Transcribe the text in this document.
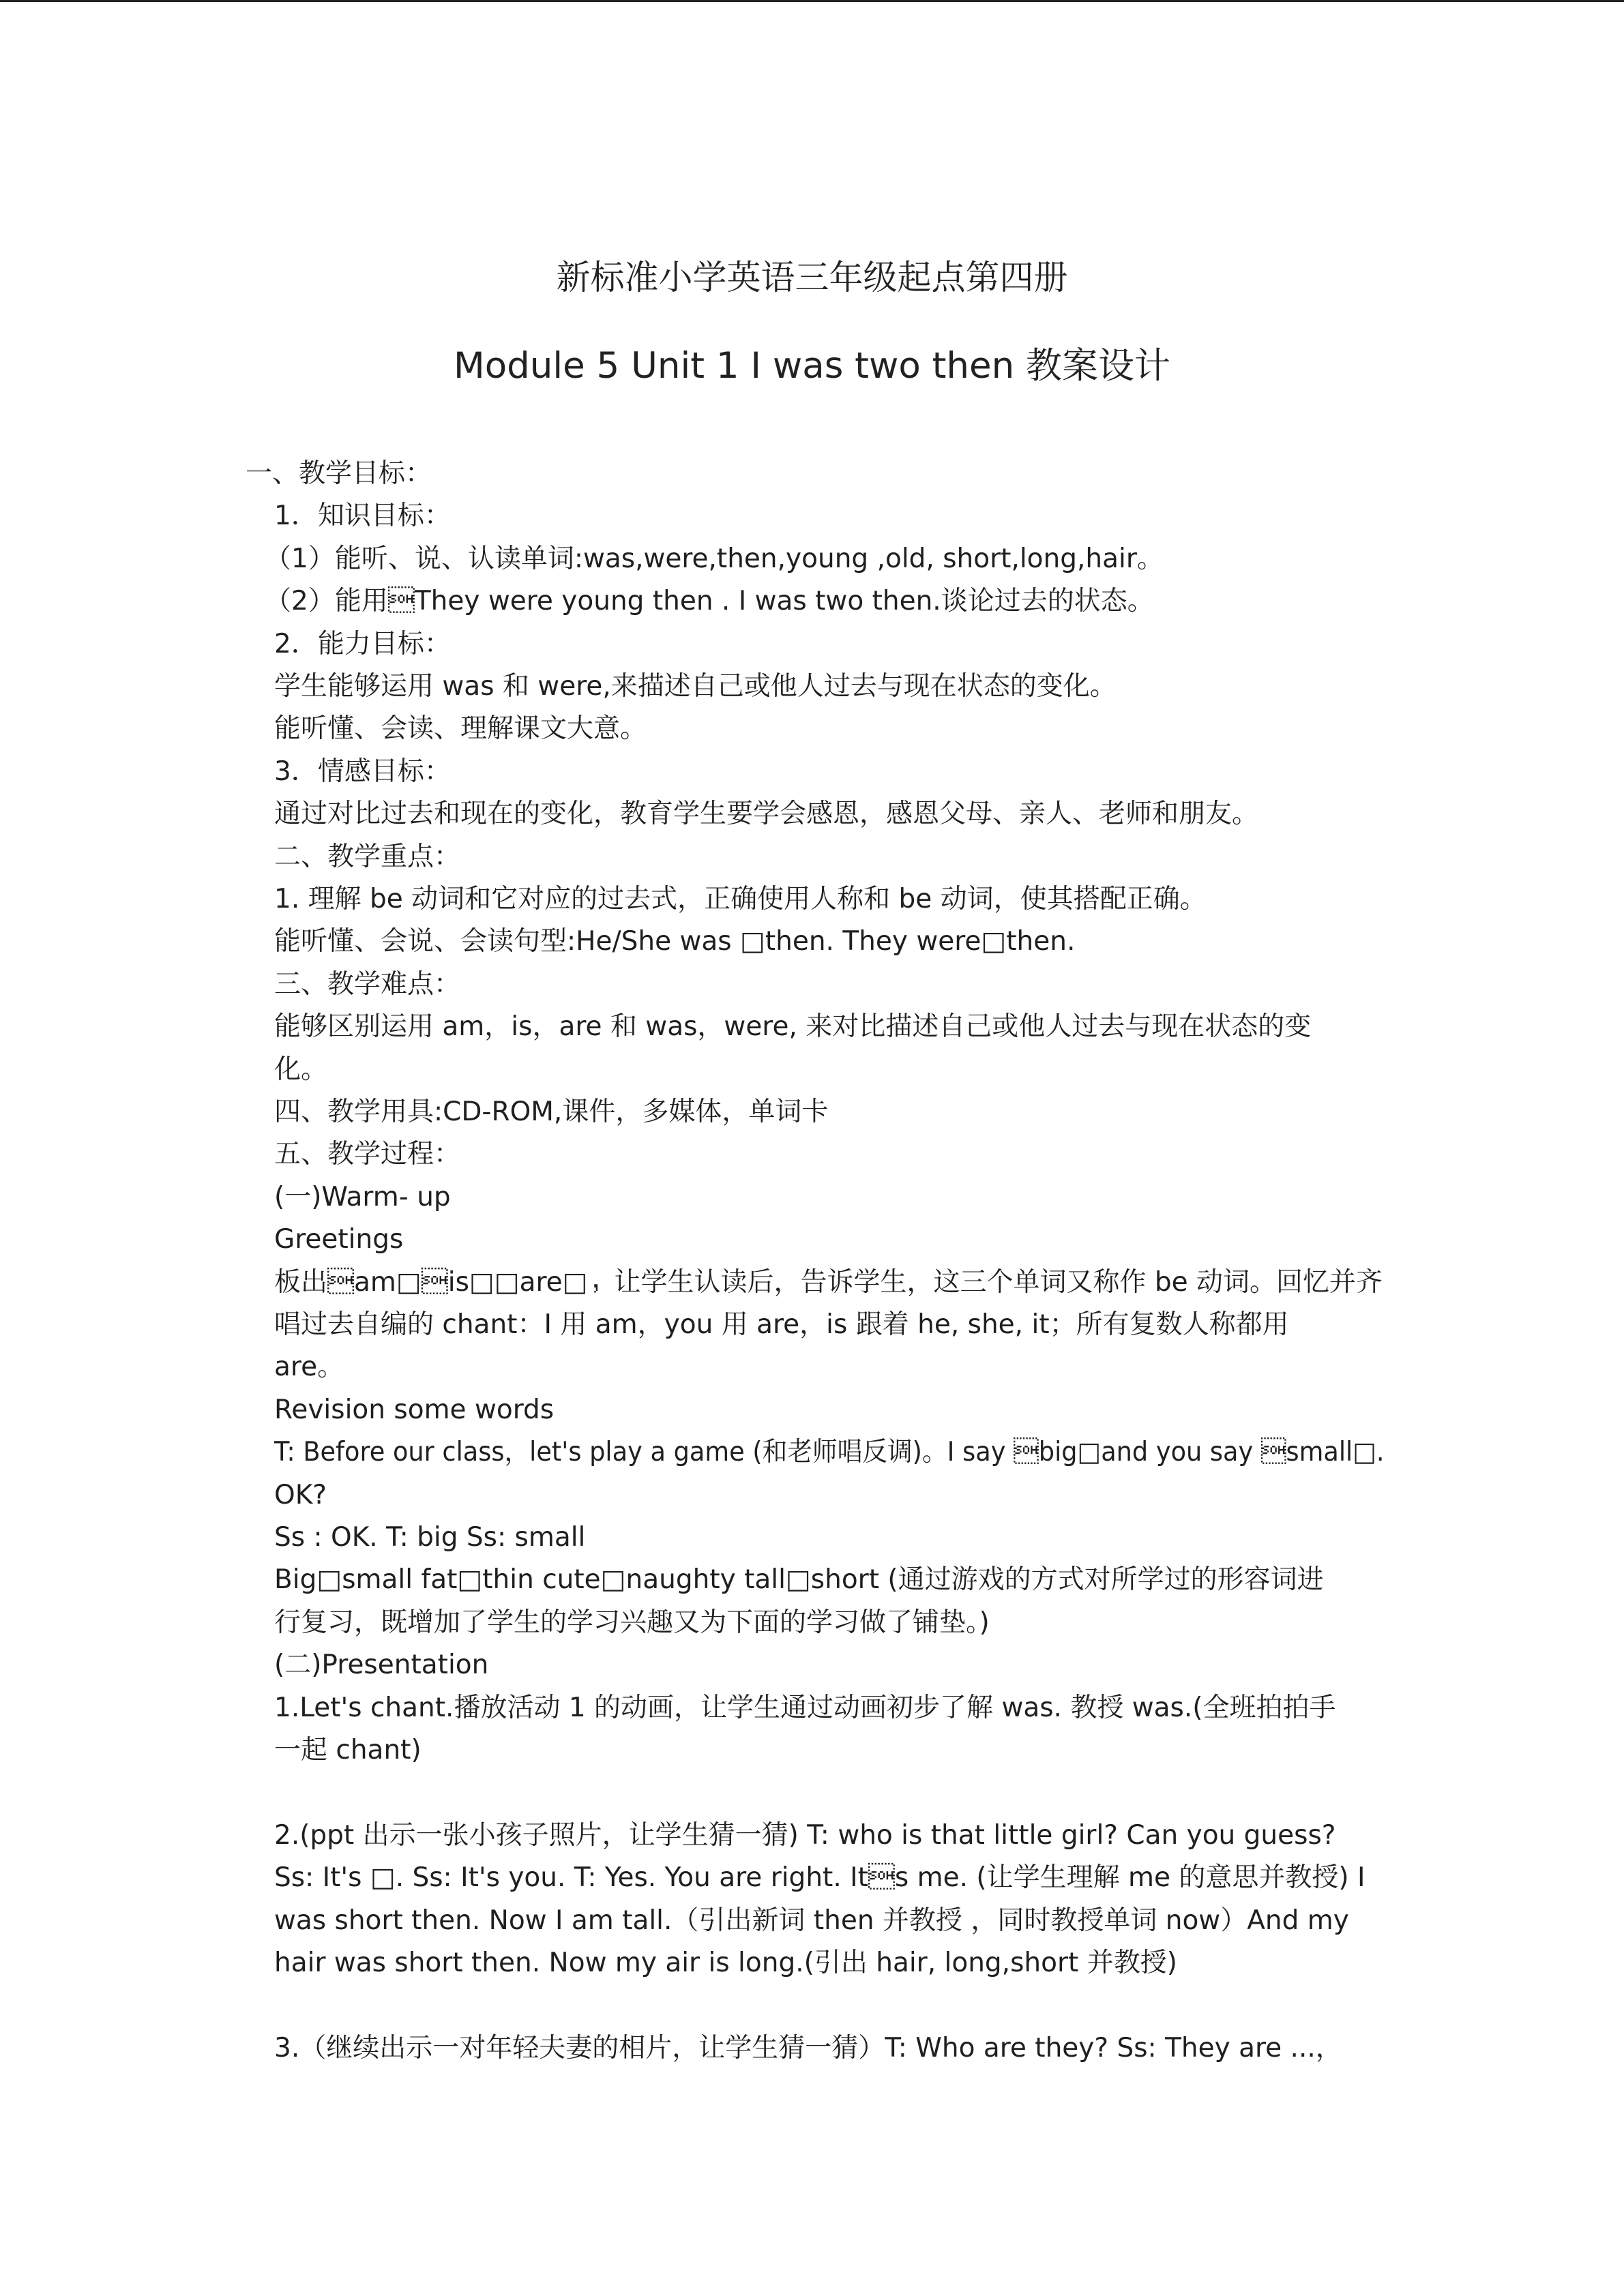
新标准小学英语三年级起点第四册
Module 5 Unit 1 I was two then 教案设计
一、教学目标：
1．知识目标：
（1）能听、说、认读单词:was,were,then,young ,old, short,long,hair。
（2）能用They were young then . I was two then.谈论过去的状态。
2．能力目标：
学生能够运用 was 和 were,来描述自己或他人过去与现在状态的变化。
能听懂、会读、理解课文大意。
3．情感目标：
通过对比过去和现在的变化，教育学生要学会感恩，感恩父母、亲人、老师和朋友。
二、教学重点：
1. 理解 be 动词和它对应的过去式，正确使用人称和 be 动词，使其搭配正确。
能听懂、会说、会读句型:He/She was □then. They were□then.
三、教学难点：
能够区别运用 am，is，are 和 was，were, 来对比描述自己或他人过去与现在状态的变
化。
四、教学用具:CD-ROM,课件，多媒体，单词卡
五、教学过程：
(一)Warm- up
Greetings
板出am□is□□are□，让学生认读后，告诉学生，这三个单词又称作 be 动词。回忆并齐
唱过去自编的 chant：I 用 am，you 用 are，is 跟着 he, she, it；所有复数人称都用
are。
Revision some words
T: Before our class，let's play a game (和老师唱反调)。I say big□and you say small□.
OK?
Ss : OK. T: big Ss: small
Big□small fat□thin cute□naughty tall□short (通过游戏的方式对所学过的形容词进
行复习，既增加了学生的学习兴趣又为下面的学习做了铺垫。)
(二)Presentation
1.Let's chant.播放活动 1 的动画，让学生通过动画初步了解 was. 教授 was.(全班拍拍手
一起 chant)
2.(ppt 出示一张小孩子照片，让学生猜一猜) T: who is that little girl? Can you guess?
Ss: It's □. Ss: It's you. T: Yes. You are right. Its me. (让学生理解 me 的意思并教授) I
was short then. Now I am tall.（引出新词 then 并教授 ，同时教授单词 now）And my
hair was short then. Now my air is long.(引出 hair, long,short 并教授)
3.（继续出示一对年轻夫妻的相片，让学生猜一猜）T: Who are they? Ss: They are ...，
